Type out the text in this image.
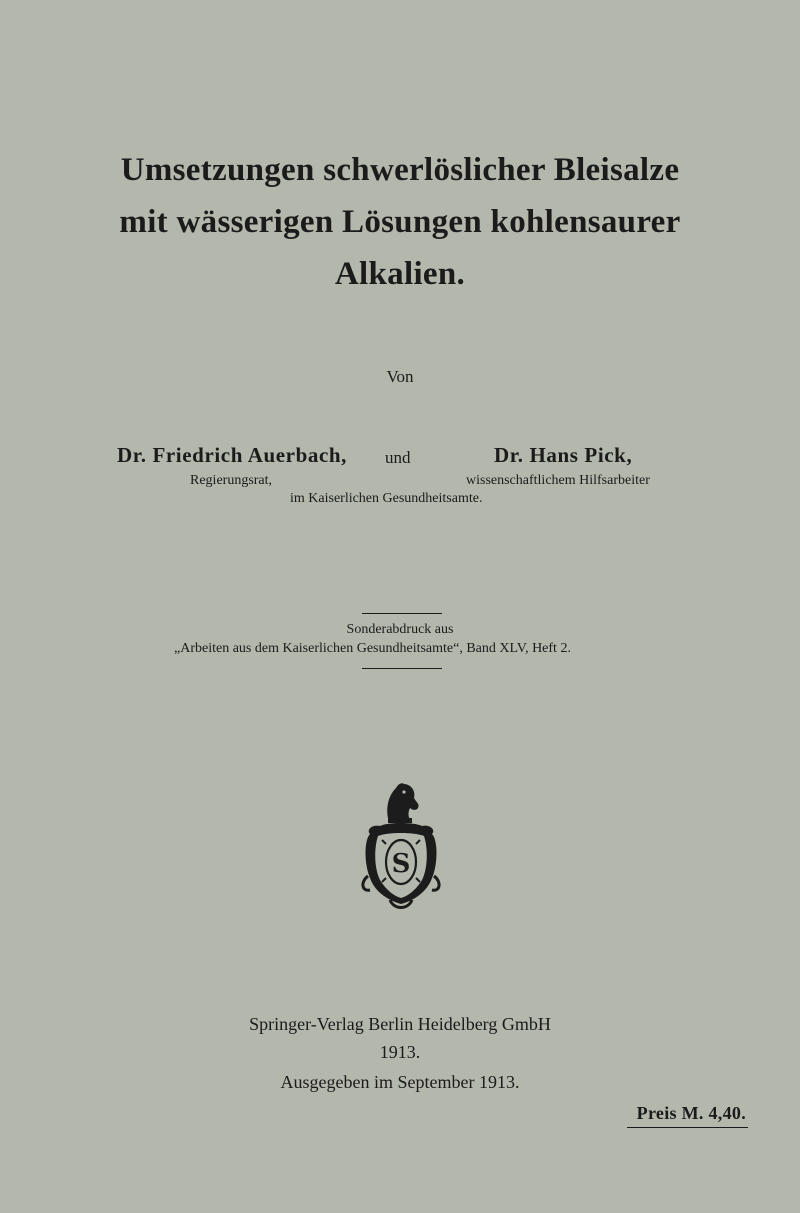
Umsetzungen schwerlöslicher Bleisalze
mit wässerigen Lösungen kohlensaurer
Alkalien.
Von
Dr. Friedrich Auerbach, und	Dr. Hans Pick,
Regierungsrat,	wissenschaftlichem Hilfsarbeiter
im Kaiserlichen Gesundheitsamte.
Sonderabdruck aus
„Arbeiten aus dem Kaiserlichen Gesundheitsamte“, Band XLV, Heft 2.
S
Springer-Verlag Berlin Heidelberg GmbH
1913.
Ausgegeben im September 1913.
Preis M. 4,40.
